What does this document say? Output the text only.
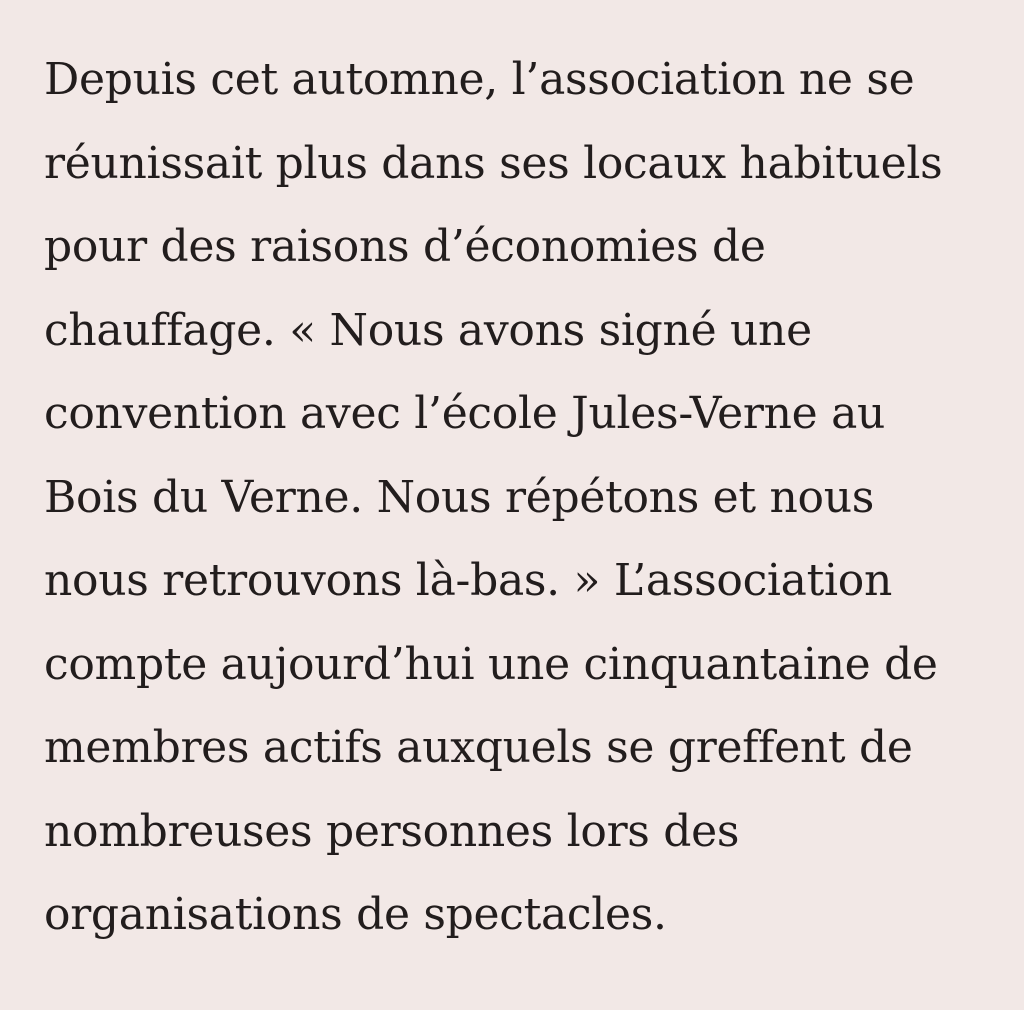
Depuis cet automne, l’association ne se
réunissait plus dans ses locaux habituels
pour des raisons d’économies de
chauffage. « Nous avons signé une
convention avec l’école Jules-Verne au
Bois du Verne. Nous répétons et nous
nous retrouvons là-bas. » L’association
compte aujourd’hui une cinquantaine de
membres actifs auxquels se greffent de
nombreuses personnes lors des
organisations de spectacles.
